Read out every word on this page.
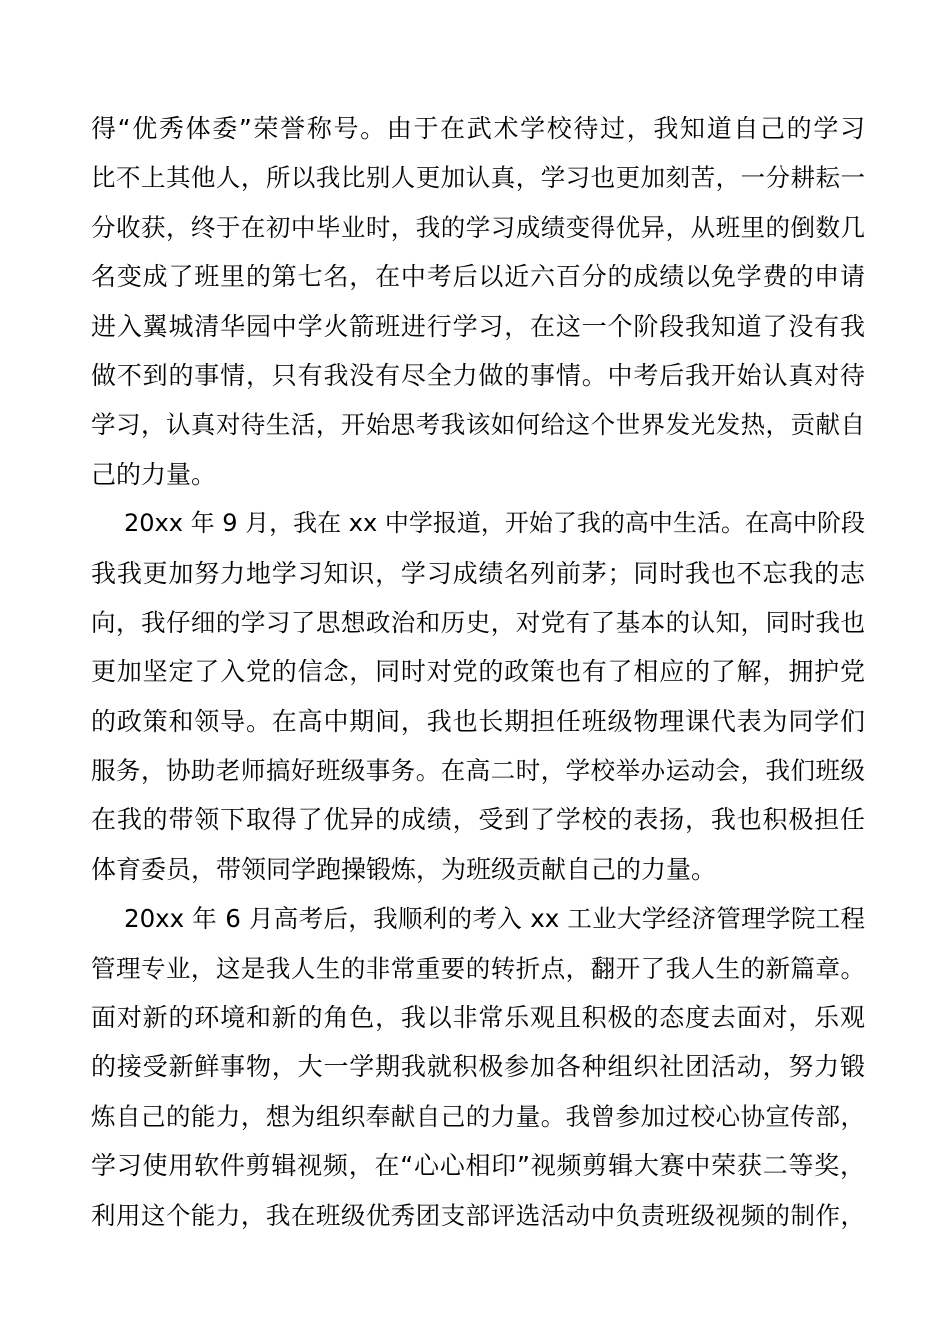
得“优秀体委”荣誉称号。由于在武术学校待过，我知道自己的学习
比不上其他人，所以我比别人更加认真，学习也更加刻苦，一分耕耘一
分收获，终于在初中毕业时，我的学习成绩变得优异，从班里的倒数几
名变成了班里的第七名，在中考后以近六百分的成绩以免学费的申请
进入翼城清华园中学火箭班进行学习，在这一个阶段我知道了没有我
做不到的事情，只有我没有尽全力做的事情。中考后我开始认真对待
学习，认真对待生活，开始思考我该如何给这个世界发光发热，贡献自
己的力量。
20xx 年 9 月，我在 xx 中学报道，开始了我的高中生活。在高中阶段
我我更加努力地学习知识，学习成绩名列前茅；同时我也不忘我的志
向，我仔细的学习了思想政治和历史，对党有了基本的认知，同时我也
更加坚定了入党的信念，同时对党的政策也有了相应的了解，拥护党
的政策和领导。在高中期间，我也长期担任班级物理课代表为同学们
服务，协助老师搞好班级事务。在高二时，学校举办运动会，我们班级
在我的带领下取得了优异的成绩，受到了学校的表扬，我也积极担任
体育委员，带领同学跑操锻炼，为班级贡献自己的力量。
20xx 年 6 月高考后，我顺利的考入 xx 工业大学经济管理学院工程
管理专业，这是我人生的非常重要的转折点，翻开了我人生的新篇章。
面对新的环境和新的角色，我以非常乐观且积极的态度去面对，乐观
的接受新鲜事物，大一学期我就积极参加各种组织社团活动，努力锻
炼自己的能力，想为组织奉献自己的力量。我曾参加过校心协宣传部，
学习使用软件剪辑视频，在“心心相印”视频剪辑大赛中荣获二等奖，
利用这个能力，我在班级优秀团支部评选活动中负责班级视频的制作，
